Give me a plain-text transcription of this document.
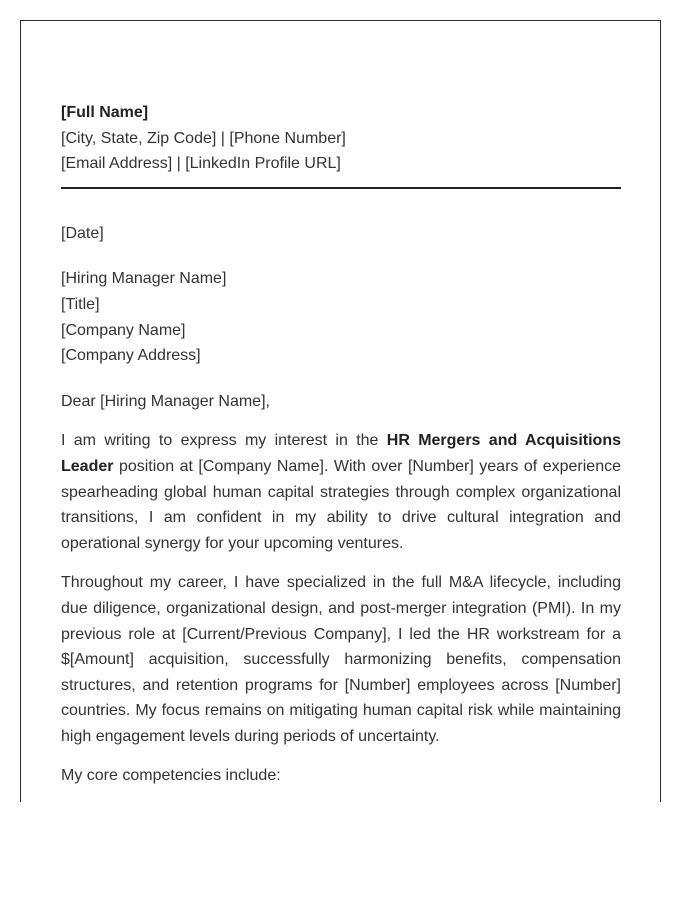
[Full Name]
[City, State, Zip Code] | [Phone Number]
[Email Address] | [LinkedIn Profile URL]
[Date]
[Hiring Manager Name]
[Title]
[Company Name]
[Company Address]
Dear [Hiring Manager Name],

I am writing to express my interest in the HR Mergers and Acquisitions Leader position at [Company Name]. With over [Number] years of experience spearheading global human capital strategies through complex organizational transitions, I am confident in my ability to drive cultural integration and operational synergy for your upcoming ventures.

Throughout my career, I have specialized in the full M&A lifecycle, including due diligence, organizational design, and post-merger integration (PMI). In my previous role at [Current/Previous Company], I led the HR workstream for a $[Amount] acquisition, successfully harmonizing benefits, compensation structures, and retention programs for [Number] employees across [Number] countries. My focus remains on mitigating human capital risk while maintaining high engagement levels during periods of uncertainty.

My core competencies include:
